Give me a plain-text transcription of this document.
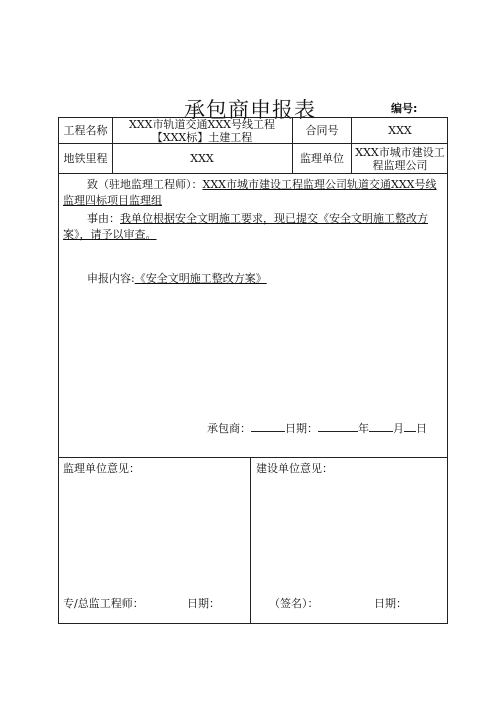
承包商申报表	编号:
工程名称	XXX市轨道交通XXX号线工程【XXX标】土建工程	合同号	XXX
地铁里程	XXX	监理单位	XXX市城市建设工程监理公司
致（驻地监理工程师）：XXX市城市建设工程监理公司轨道交通XXX号线监理四标项目监理组
事由：我单位根据安全文明施工要求，现已提交《安全文明施工整改方案》，请予以审查。
申报内容:《安全文明施工整改方案》
承包商：	日期：	年 月 日
监理单位意见：	建设单位意见：
专/总监工程师：	日期：	（签名）：	日期：
